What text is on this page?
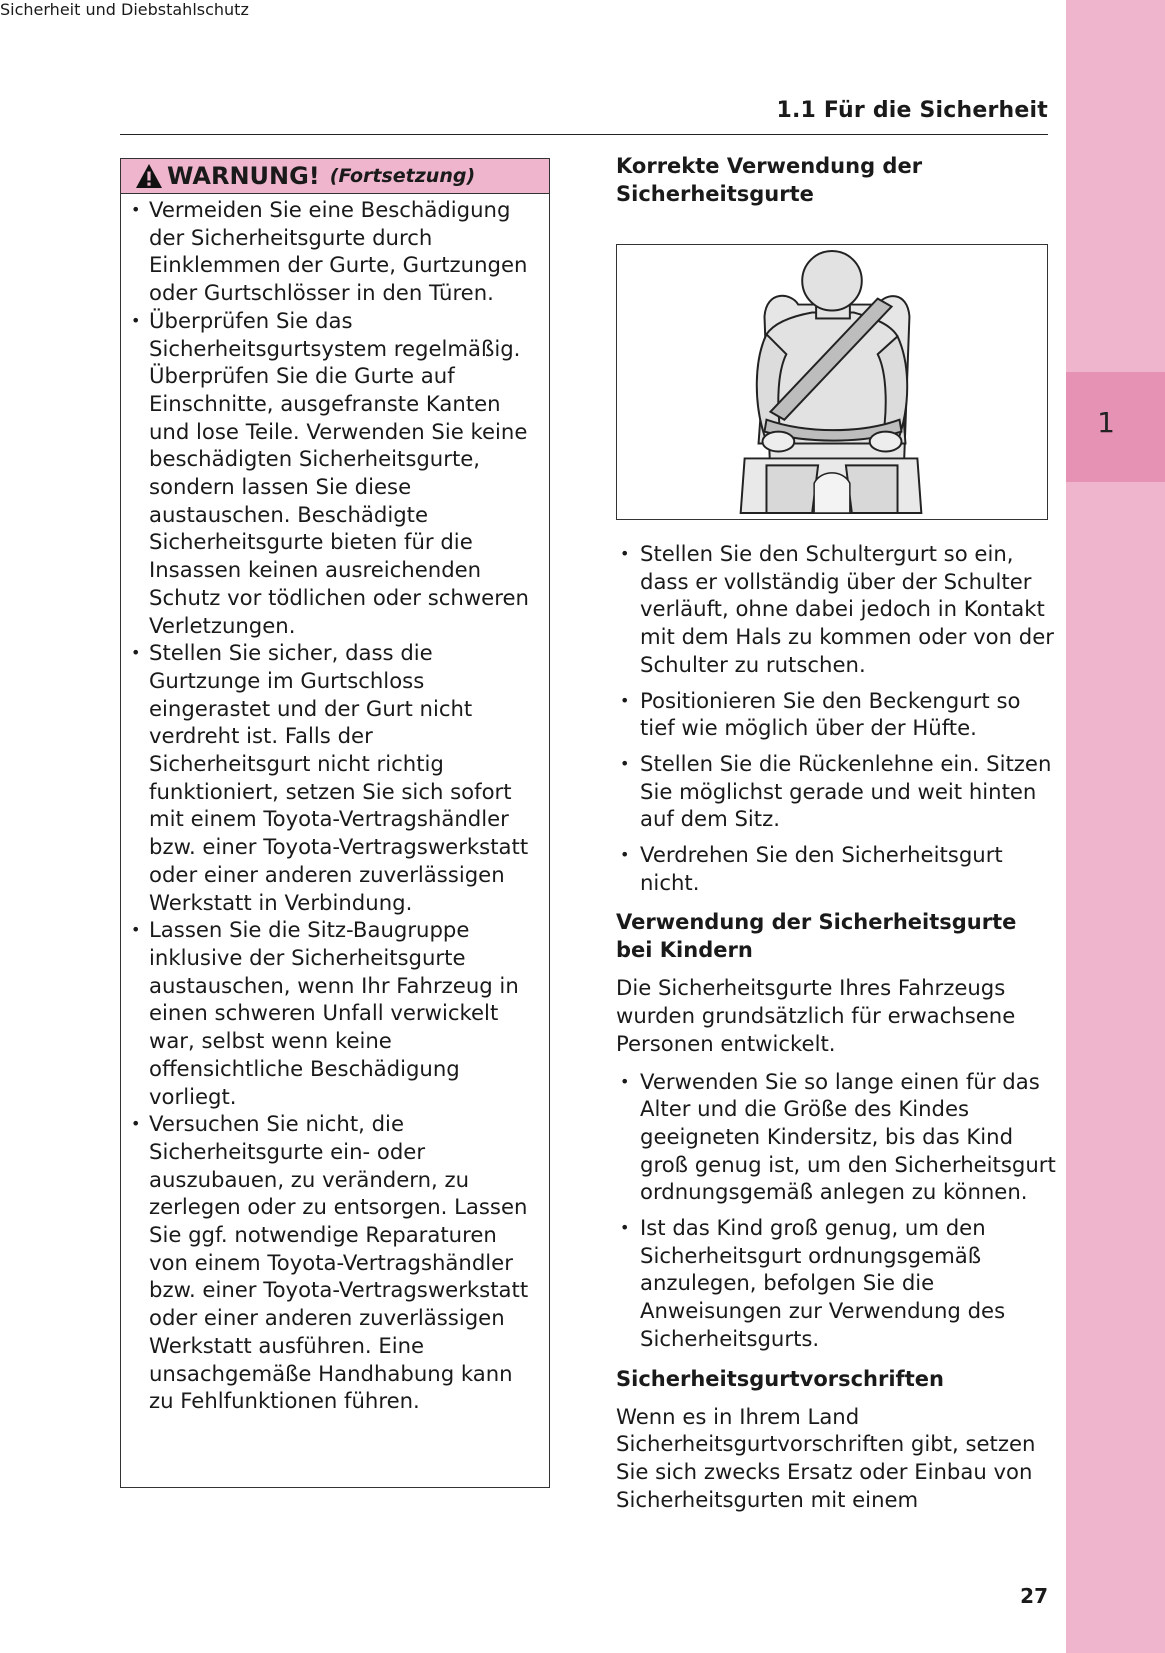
1.1 Für die Sicherheit
1
Sicherheit und Diebstahlschutz
WARNUNG! (Fortsetzung)
• Vermeiden Sie eine Beschädigung der Sicherheitsgurte durch Einklemmen der Gurte, Gurtzungen oder Gurtschlösser in den Türen.
• Überprüfen Sie das Sicherheitsgurtsystem regelmäßig. Überprüfen Sie die Gurte auf Einschnitte, ausgefranste Kanten und lose Teile. Verwenden Sie keine beschädigten Sicherheitsgurte, sondern lassen Sie diese austauschen. Beschädigte Sicherheitsgurte bieten für die Insassen keinen ausreichenden Schutz vor tödlichen oder schweren Verletzungen.
• Stellen Sie sicher, dass die Gurtzunge im Gurtschloss eingerastet und der Gurt nicht verdreht ist. Falls der Sicherheitsgurt nicht richtig funktioniert, setzen Sie sich sofort mit einem Toyota-Vertragshändler bzw. einer Toyota-Vertragswerkstatt oder einer anderen zuverlässigen Werkstatt in Verbindung.
• Lassen Sie die Sitz-Baugruppe inklusive der Sicherheitsgurte austauschen, wenn Ihr Fahrzeug in einen schweren Unfall verwickelt war, selbst wenn keine offensichtliche Beschädigung vorliegt.
• Versuchen Sie nicht, die Sicherheitsgurte ein- oder auszubauen, zu verändern, zu zerlegen oder zu entsorgen. Lassen Sie ggf. notwendige Reparaturen von einem Toyota-Vertragshändler bzw. einer Toyota-Vertragswerkstatt oder einer anderen zuverlässigen Werkstatt ausführen. Eine unsachgemäße Handhabung kann zu Fehlfunktionen führen.
Korrekte Verwendung der Sicherheitsgurte
• Stellen Sie den Schultergurt so ein, dass er vollständig über der Schulter verläuft, ohne dabei jedoch in Kontakt mit dem Hals zu kommen oder von der Schulter zu rutschen.
• Positionieren Sie den Beckengurt so tief wie möglich über der Hüfte.
• Stellen Sie die Rückenlehne ein. Sitzen Sie möglichst gerade und weit hinten auf dem Sitz.
• Verdrehen Sie den Sicherheitsgurt nicht.
Verwendung der Sicherheitsgurte bei Kindern

Die Sicherheitsgurte Ihres Fahrzeugs wurden grundsätzlich für erwachsene Personen entwickelt.

• Verwenden Sie so lange einen für das Alter und die Größe des Kindes geeigneten Kindersitz, bis das Kind groß genug ist, um den Sicherheitsgurt ordnungsgemäß anlegen zu können.
• Ist das Kind groß genug, um den Sicherheitsgurt ordnungsgemäß anzulegen, befolgen Sie die Anweisungen zur Verwendung des Sicherheitsgurts.
Sicherheitsgurtvorschriften

Wenn es in Ihrem Land Sicherheitsgurtvorschriften gibt, setzen Sie sich zwecks Ersatz oder Einbau von Sicherheitsgurten mit einem

27
